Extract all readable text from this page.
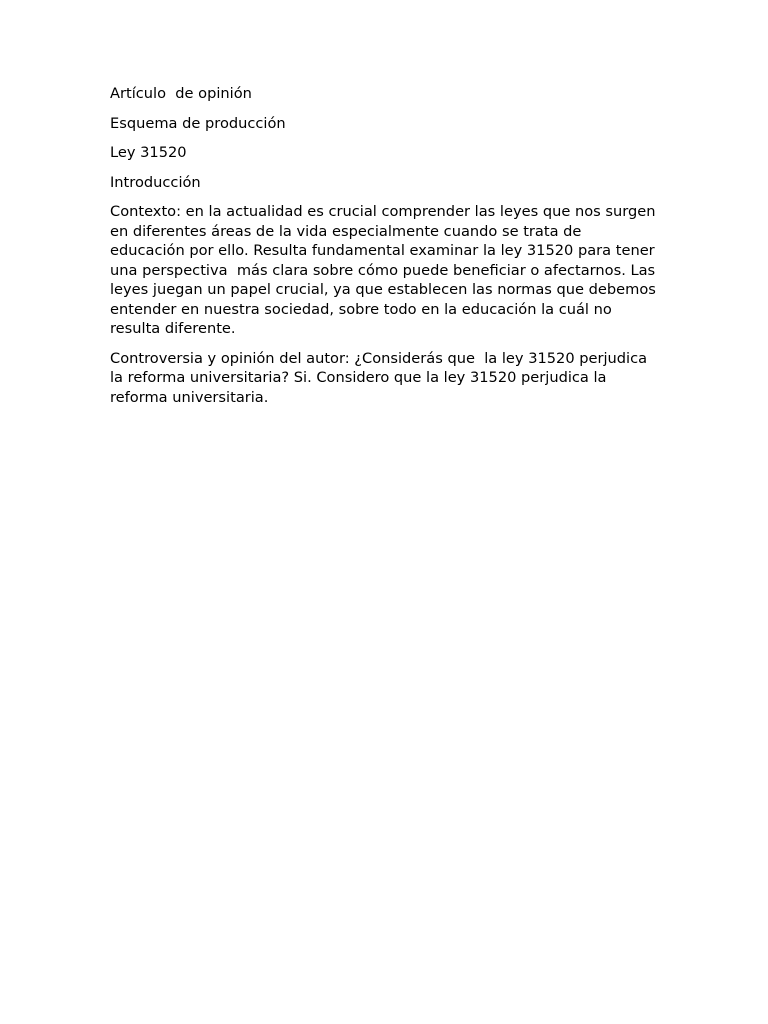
Artículo  de opinión

Esquema de producción

Ley 31520

Introducción

Contexto: en la actualidad es crucial comprender las leyes que nos surgen en diferentes áreas de la vida especialmente cuando se trata de educación por ello. Resulta fundamental examinar la ley 31520 para tener una perspectiva  más clara sobre cómo puede beneficiar o afectarnos. Las leyes juegan un papel crucial, ya que establecen las normas que debemos entender en nuestra sociedad, sobre todo en la educación la cuál no resulta diferente.

Controversia y opinión del autor: ¿Considerás que  la ley 31520 perjudica la reforma universitaria? Si. Considero que la ley 31520 perjudica la reforma universitaria.
